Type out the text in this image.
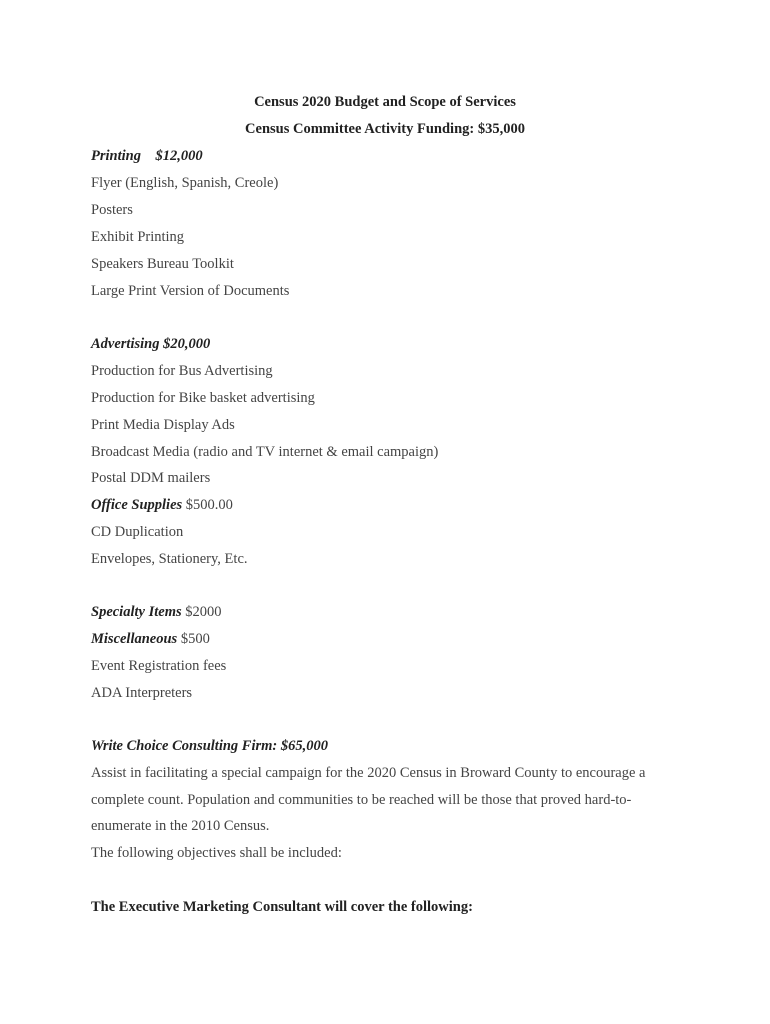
Census 2020 Budget and Scope of Services
Census Committee Activity Funding: $35,000
Printing $12,000
Flyer (English, Spanish, Creole)
Posters
Exhibit Printing
Speakers Bureau Toolkit
Large Print Version of Documents
Advertising $20,000
Production for Bus Advertising
Production for Bike basket advertising
Print Media Display Ads
Broadcast Media (radio and TV internet & email campaign)
Postal DDM mailers
Office Supplies $500.00
CD Duplication
Envelopes, Stationery, Etc.
Specialty Items $2000
Miscellaneous $500
Event Registration fees
ADA Interpreters
Write Choice Consulting Firm: $65,000
Assist in facilitating a special campaign for the 2020 Census in Broward County to encourage a
complete count. Population and communities to be reached will be those that proved hard-to-
enumerate in the 2010 Census.
The following objectives shall be included:
The Executive Marketing Consultant will cover the following:
